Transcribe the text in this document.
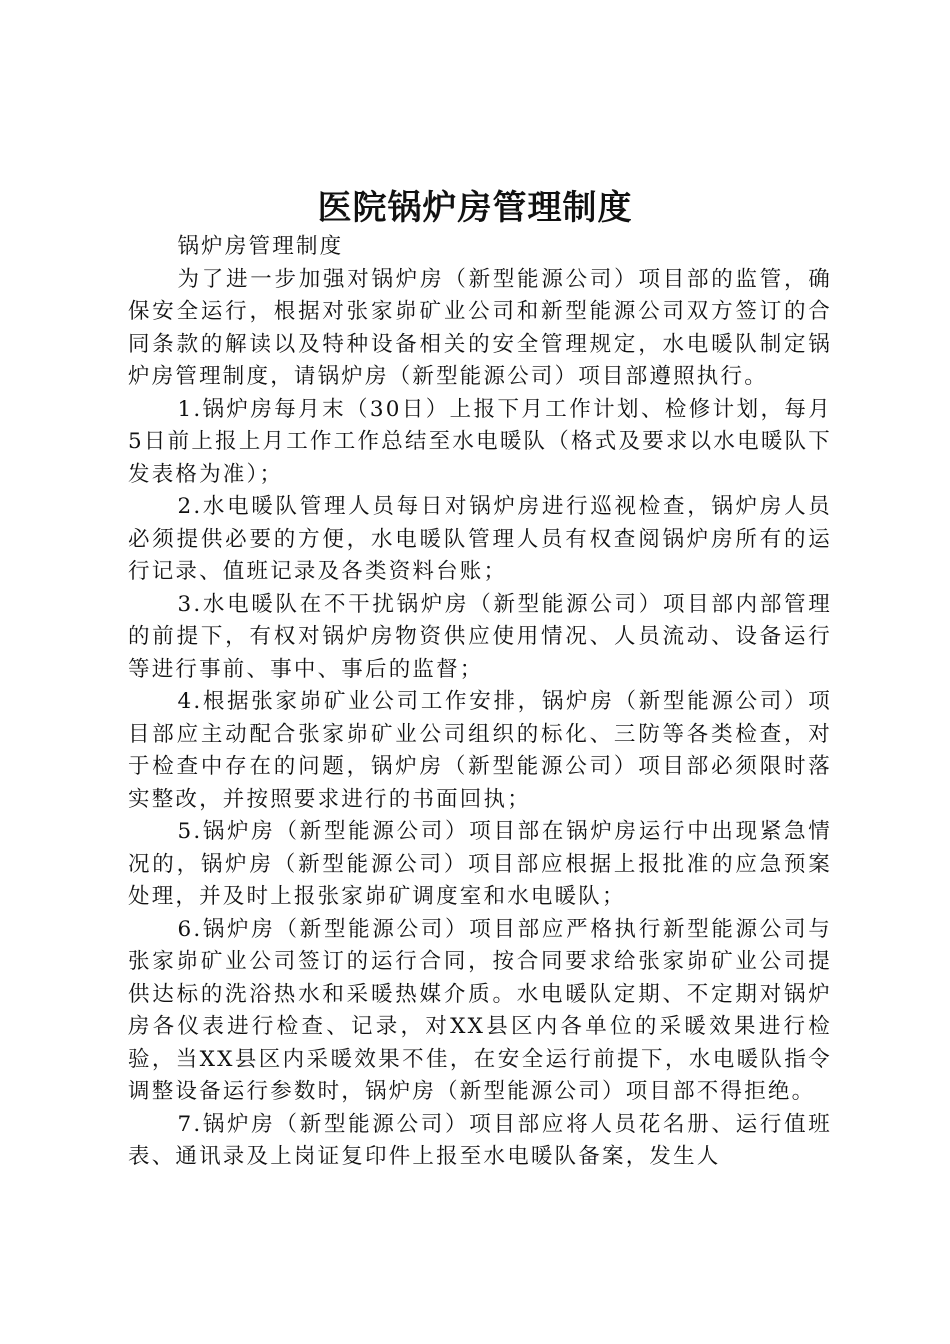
医院锅炉房管理制度

锅炉房管理制度

为了进一步加强对锅炉房（新型能源公司）项目部的监管，确保安全运行，根据对张家峁矿业公司和新型能源公司双方签订的合同条款的解读以及特种设备相关的安全管理规定，水电暖队制定锅炉房管理制度，请锅炉房（新型能源公司）项目部遵照执行。

1.锅炉房每月末（30日）上报下月工作计划、检修计划，每月5日前上报上月工作工作总结至水电暖队（格式及要求以水电暖队下发表格为准）；

2.水电暖队管理人员每日对锅炉房进行巡视检查，锅炉房人员必须提供必要的方便，水电暖队管理人员有权查阅锅炉房所有的运行记录、值班记录及各类资料台账；

3.水电暖队在不干扰锅炉房（新型能源公司）项目部内部管理的前提下，有权对锅炉房物资供应使用情况、人员流动、设备运行等进行事前、事中、事后的监督；

4.根据张家峁矿业公司工作安排，锅炉房（新型能源公司）项目部应主动配合张家峁矿业公司组织的标化、三防等各类检查，对于检查中存在的问题，锅炉房（新型能源公司）项目部必须限时落实整改，并按照要求进行的书面回执；

5.锅炉房（新型能源公司）项目部在锅炉房运行中出现紧急情况的，锅炉房（新型能源公司）项目部应根据上报批准的应急预案处理，并及时上报张家峁矿调度室和水电暖队；

6.锅炉房（新型能源公司）项目部应严格执行新型能源公司与张家峁矿业公司签订的运行合同，按合同要求给张家峁矿业公司提供达标的洗浴热水和采暖热媒介质。水电暖队定期、不定期对锅炉房各仪表进行检查、记录，对XX县区内各单位的采暖效果进行检验，当XX县区内采暖效果不佳，在安全运行前提下，水电暖队指令调整设备运行参数时，锅炉房（新型能源公司）项目部不得拒绝。

7.锅炉房（新型能源公司）项目部应将人员花名册、运行值班表、通讯录及上岗证复印件上报至水电暖队备案，发生人
